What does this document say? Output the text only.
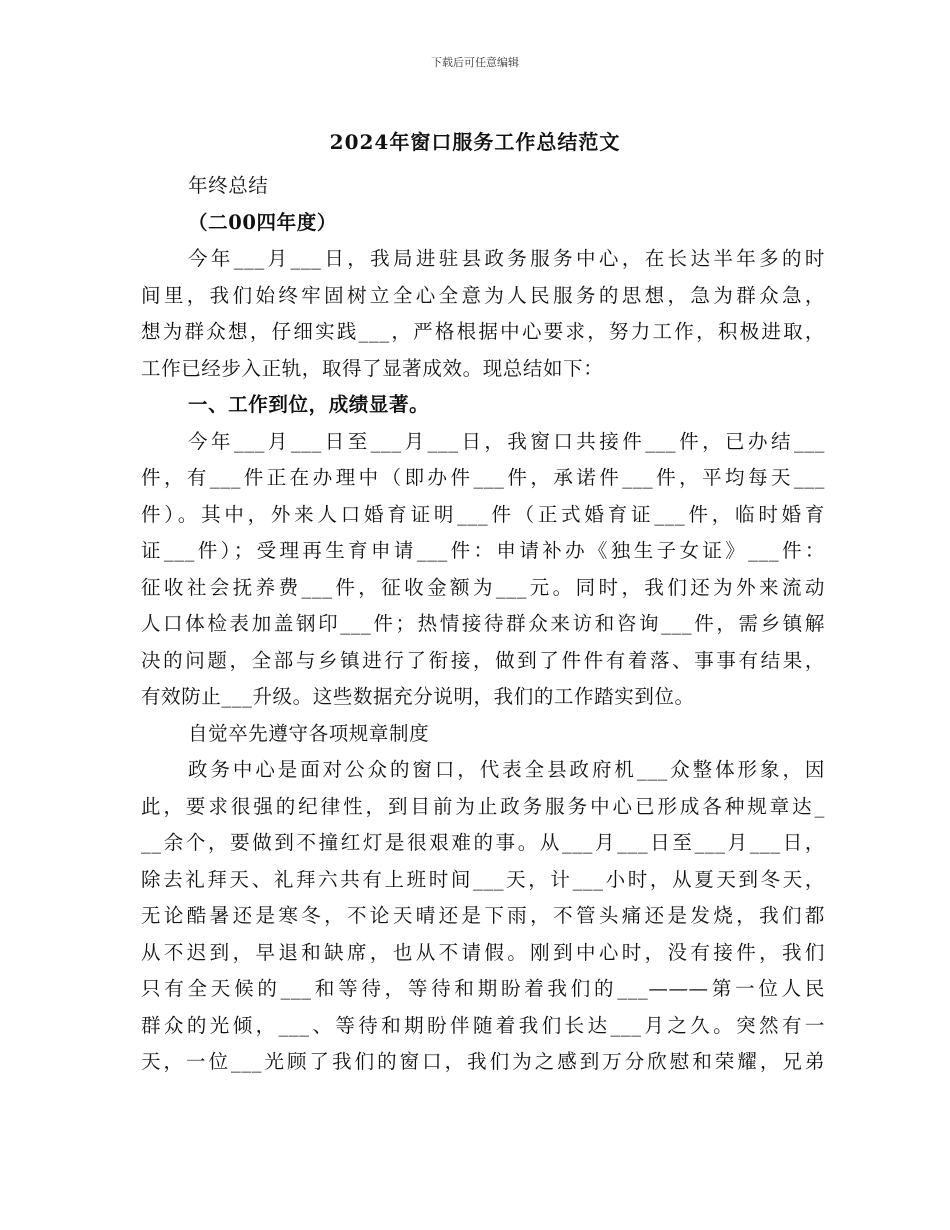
下载后可任意编辑
2024年窗口服务工作总结范文
年终总结
（二00四年度）
今年___月___日，我局进驻县政务服务中心，在长达半年多的时
间里，我们始终牢固树立全心全意为人民服务的思想，急为群众急，
想为群众想，仔细实践___，严格根据中心要求，努力工作，积极进取，
工作已经步入正轨，取得了显著成效。现总结如下：
一、工作到位，成绩显著。
今年___月___日至___月___日，我窗口共接件___件，已办结___
件，有___件正在办理中（即办件___件，承诺件___件，平均每天___
件）。其中，外来人口婚育证明___件（正式婚育证___件，临时婚育
证___件）；受理再生育申请___件：申请补办《独生子女证》___件：
征收社会抚养费___件，征收金额为___元。同时，我们还为外来流动
人口体检表加盖钢印___件；热情接待群众来访和咨询___件，需乡镇解
决的问题，全部与乡镇进行了衔接，做到了件件有着落、事事有结果，
有效防止___升级。这些数据充分说明，我们的工作踏实到位。
自觉卒先遵守各项规章制度
政务中心是面对公众的窗口，代表全县政府机___众整体形象，因
此，要求很强的纪律性，到目前为止政务服务中心已形成各种规章达_
__余个，要做到不撞红灯是很艰难的事。从___月___日至___月___日，
除去礼拜天、礼拜六共有上班时间___天，计___小时，从夏天到冬天，
无论酷暑还是寒冬，不论天晴还是下雨，不管头痛还是发烧，我们都
从不迟到，早退和缺席，也从不请假。刚到中心时，没有接件，我们
只有全天候的___和等待，等待和期盼着我们的___———第一位人民
群众的光倾，___、等待和期盼伴随着我们长达___月之久。突然有一
天，一位___光顾了我们的窗口，我们为之感到万分欣慰和荣耀，兄弟
